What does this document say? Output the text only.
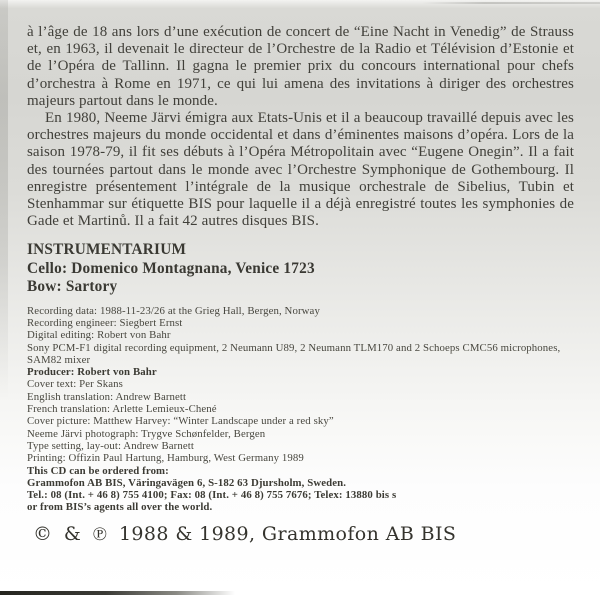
à l’âge de 18 ans lors d’une exécution de concert de “Eine Nacht in Venedig” de Strauss et, en 1963, il devenait le directeur de l’Orchestre de la Radio et Télévision d’Estonie et de l’Opéra de Tallinn. Il gagna le premier prix du concours international pour chefs d’orchestra à Rome en 1971, ce qui lui amena des invitations à diriger des orchestres majeurs partout dans le monde.

En 1980, Neeme Järvi émigra aux Etats-Unis et il a beaucoup travaillé depuis avec les orchestres majeurs du monde occidental et dans d’éminentes maisons d’opéra. Lors de la saison 1978-79, il fit ses débuts à l’Opéra Métropolitain avec “Eugene Onegin”. Il a fait des tournées partout dans le monde avec l’Orchestre Symphonique de Gothembourg. Il enregistre présentement l’intégrale de la musique orchestrale de Sibelius, Tubin et Stenhammar sur étiquette BIS pour laquelle il a déjà enregistré toutes les symphonies de Gade et Martinů. Il a fait 42 autres disques BIS.

INSTRUMENTARIUM
Cello: Domenico Montagnana, Venice 1723
Bow: Sartory
Recording data: 1988-11-23/26 at the Grieg Hall, Bergen, Norway
Recording engineer: Siegbert Ernst
Digital editing: Robert von Bahr
Sony PCM-F1 digital recording equipment, 2 Neumann U89, 2 Neumann TLM170 and 2 Schoeps CMC56 microphones, SAM82 mixer
Producer: Robert von Bahr
Cover text: Per Skans
English translation: Andrew Barnett
French translation: Arlette Lemieux-Chené
Cover picture: Matthew Harvey: “Winter Landscape under a red sky”
Neeme Järvi photograph: Trygve Schønfelder, Bergen
Type setting, lay-out: Andrew Barnett
Printing: Offizin Paul Hartung, Hamburg, West Germany 1989
This CD can be ordered from:
Grammofon AB BIS, Väringavägen 6, S-182 63 Djursholm, Sweden.
Tel.: 08 (Int. + 46 8) 755 4100; Fax: 08 (Int. + 46 8) 755 7676; Telex: 13880 bis s
or from BIS’s agents all over the world.
© & ℗ 1988 & 1989, Grammofon AB BIS
